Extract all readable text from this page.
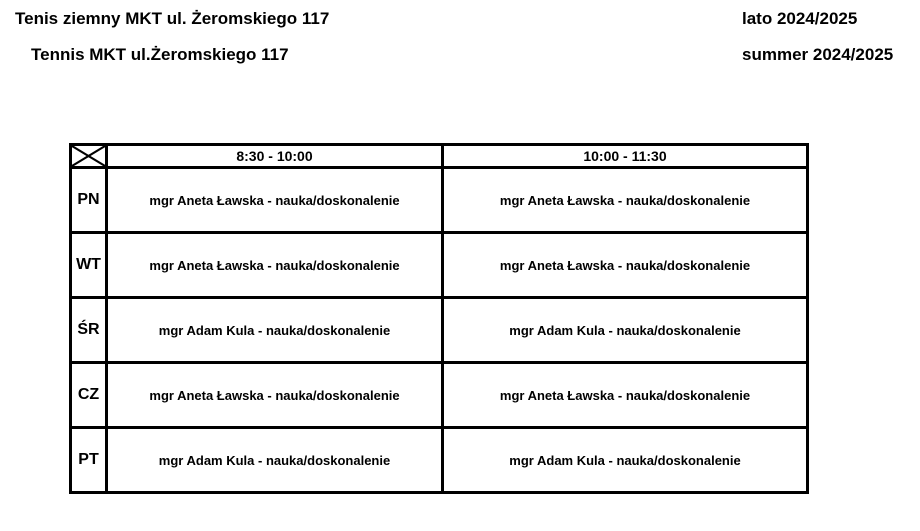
Tenis ziemny MKT ul. Żeromskiego 117
Tennis MKT ul.Żeromskiego 117
lato 2024/2025
summer 2024/2025
	8:30 - 10:00	10:00 - 11:30
PN	mgr Aneta Ławska - nauka/doskonalenie	mgr Aneta Ławska - nauka/doskonalenie
WT	mgr Aneta Ławska - nauka/doskonalenie	mgr Aneta Ławska - nauka/doskonalenie
ŚR	mgr Adam Kula - nauka/doskonalenie	mgr Adam Kula - nauka/doskonalenie
CZ	mgr Aneta Ławska - nauka/doskonalenie	mgr Aneta Ławska - nauka/doskonalenie
PT	mgr Adam Kula - nauka/doskonalenie	mgr Adam Kula - nauka/doskonalenie
